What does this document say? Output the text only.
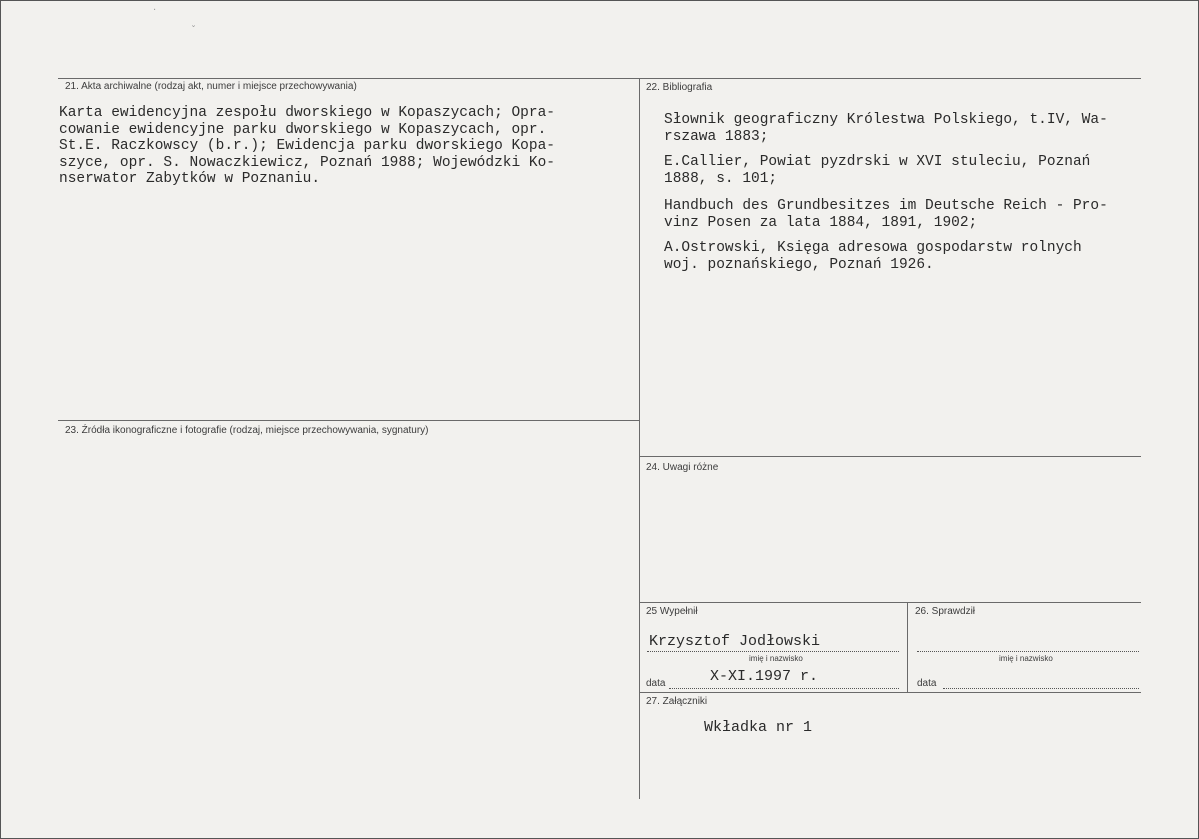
·
ˇ
21. Akta archiwalne (rodzaj akt, numer i miejsce przechowywania)
Karta ewidencyjna zespołu dworskiego w Kopaszycach; Opra-
cowanie ewidencyjne parku dworskiego w Kopaszycach, opr.
St.E. Raczkowscy (b.r.); Ewidencja parku dworskiego Kopa-
szyce, opr. S. Nowaczkiewicz, Poznań 1988; Wojewódzki Ko-
nserwator Zabytków w Poznaniu.
22. Bibliografia
Słownik geograficzny Królestwa Polskiego, t.IV, Wa-
rszawa 1883;
E.Callier, Powiat pyzdrski w XVI stuleciu, Poznań
1888, s. 101;
Handbuch des Grundbesitzes im Deutsche Reich - Pro-
vinz Posen za lata 1884, 1891, 1902;
A.Ostrowski, Księga adresowa gospodarstw rolnych
woj. poznańskiego, Poznań 1926.
23. Źródła ikonograficzne i fotografie (rodzaj, miejsce przechowywania, sygnatury)
24. Uwagi różne
25 Wypełnił
Krzysztof Jodłowski
imię i nazwisko
data	X-XI.1997 r.
26. Sprawdził
imię i nazwisko
data
27. Załączniki
Wkładka nr 1
